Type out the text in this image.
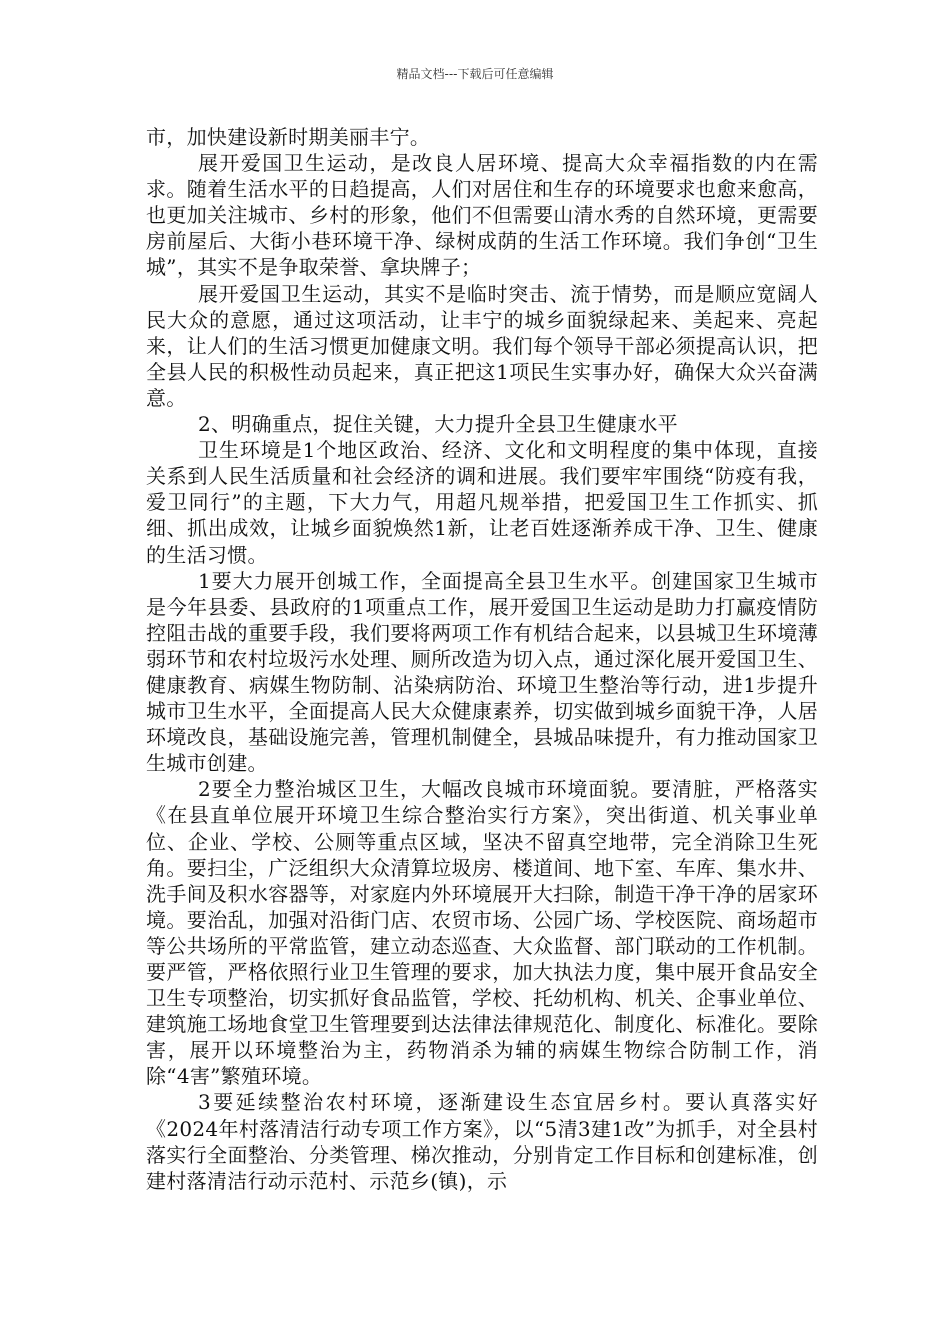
精品文档---下载后可任意编辑

市，加快建设新时期美丽丰宁。

展开爱国卫生运动，是改良人居环境、提高大众幸福指数的内在需求。随着生活水平的日趋提高，人们对居住和生存的环境要求也愈来愈高，也更加关注城市、乡村的形象，他们不但需要山清水秀的自然环境，更需要房前屋后、大街小巷环境干净、绿树成荫的生活工作环境。我们争创“卫生城”，其实不是争取荣誉、拿块牌子；

展开爱国卫生运动，其实不是临时突击、流于情势，而是顺应宽阔人民大众的意愿，通过这项活动，让丰宁的城乡面貌绿起来、美起来、亮起来，让人们的生活习惯更加健康文明。我们每个领导干部必须提高认识，把全县人民的积极性动员起来，真正把这1项民生实事办好，确保大众兴奋满意。

2、明确重点，捉住关键，大力提升全县卫生健康水平

卫生环境是1个地区政治、经济、文化和文明程度的集中体现，直接关系到人民生活质量和社会经济的调和进展。我们要牢牢围绕“防疫有我，爱卫同行”的主题，下大力气，用超凡规举措，把爱国卫生工作抓实、抓细、抓出成效，让城乡面貌焕然1新，让老百姓逐渐养成干净、卫生、健康的生活习惯。

1要大力展开创城工作，全面提高全县卫生水平。创建国家卫生城市是今年县委、县政府的1项重点工作，展开爱国卫生运动是助力打赢疫情防控阻击战的重要手段，我们要将两项工作有机结合起来，以县城卫生环境薄弱环节和农村垃圾污水处理、厕所改造为切入点，通过深化展开爱国卫生、健康教育、病媒生物防制、沾染病防治、环境卫生整治等行动，进1步提升城市卫生水平，全面提高人民大众健康素养，切实做到城乡面貌干净，人居环境改良，基础设施完善，管理机制健全，县城品味提升，有力推动国家卫生城市创建。

2要全力整治城区卫生，大幅改良城市环境面貌。要清脏，严格落实《在县直单位展开环境卫生综合整治实行方案》，突出街道、机关事业单位、企业、学校、公厕等重点区域，坚决不留真空地带，完全消除卫生死角。要扫尘，广泛组织大众清算垃圾房、楼道间、地下室、车库、集水井、洗手间及积水容器等，对家庭内外环境展开大扫除，制造干净干净的居家环境。要治乱，加强对沿街门店、农贸市场、公园广场、学校医院、商场超市等公共场所的平常监管，建立动态巡查、大众监督、部门联动的工作机制。要严管，严格依照行业卫生管理的要求，加大执法力度，集中展开食品安全卫生专项整治，切实抓好食品监管，学校、托幼机构、机关、企事业单位、建筑施工场地食堂卫生管理要到达法律法律规范化、制度化、标准化。要除害，展开以环境整治为主，药物消杀为辅的病媒生物综合防制工作，消除“4害”繁殖环境。

3要延续整治农村环境，逐渐建设生态宜居乡村。要认真落实好《2024年村落清洁行动专项工作方案》，以“5清3建1改”为抓手，对全县村落实行全面整治、分类管理、梯次推动，分别肯定工作目标和创建标准，创建村落清洁行动示范村、示范乡(镇)，示
